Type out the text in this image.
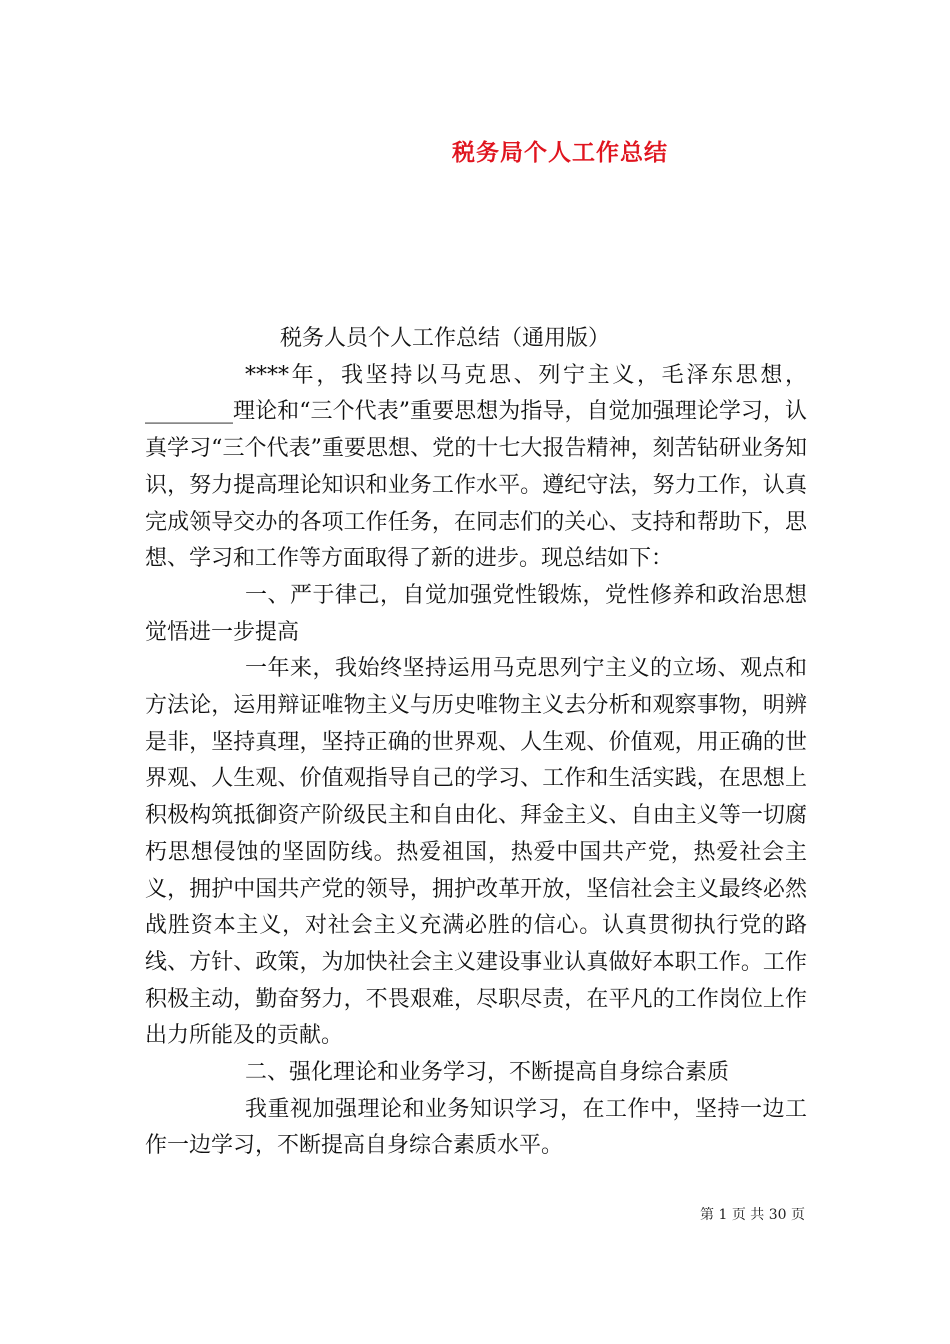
税务局个人工作总结

税务人员个人工作总结（通用版）

****年，我坚持以马克思、列宁主义，毛泽东思想，________理论和“三个代表”重要思想为指导，自觉加强理论学习，认真学习“三个代表”重要思想、党的十七大报告精神，刻苦钻研业务知识，努力提高理论知识和业务工作水平。遵纪守法，努力工作，认真完成领导交办的各项工作任务，在同志们的关心、支持和帮助下，思想、学习和工作等方面取得了新的进步。现总结如下：

一、严于律己，自觉加强党性锻炼，党性修养和政治思想觉悟进一步提高

一年来，我始终坚持运用马克思列宁主义的立场、观点和方法论，运用辩证唯物主义与历史唯物主义去分析和观察事物，明辨是非，坚持真理，坚持正确的世界观、人生观、价值观，用正确的世界观、人生观、价值观指导自己的学习、工作和生活实践，在思想上积极构筑抵御资产阶级民主和自由化、拜金主义、自由主义等一切腐朽思想侵蚀的坚固防线。热爱祖国，热爱中国共产党，热爱社会主义，拥护中国共产党的领导，拥护改革开放，坚信社会主义最终必然战胜资本主义，对社会主义充满必胜的信心。认真贯彻执行党的路线、方针、政策，为加快社会主义建设事业认真做好本职工作。工作积极主动，勤奋努力，不畏艰难，尽职尽责，在平凡的工作岗位上作出力所能及的贡献。

二、强化理论和业务学习，不断提高自身综合素质

我重视加强理论和业务知识学习，在工作中，坚持一边工作一边学习，不断提高自身综合素质水平。

第 1 页 共 30 页
